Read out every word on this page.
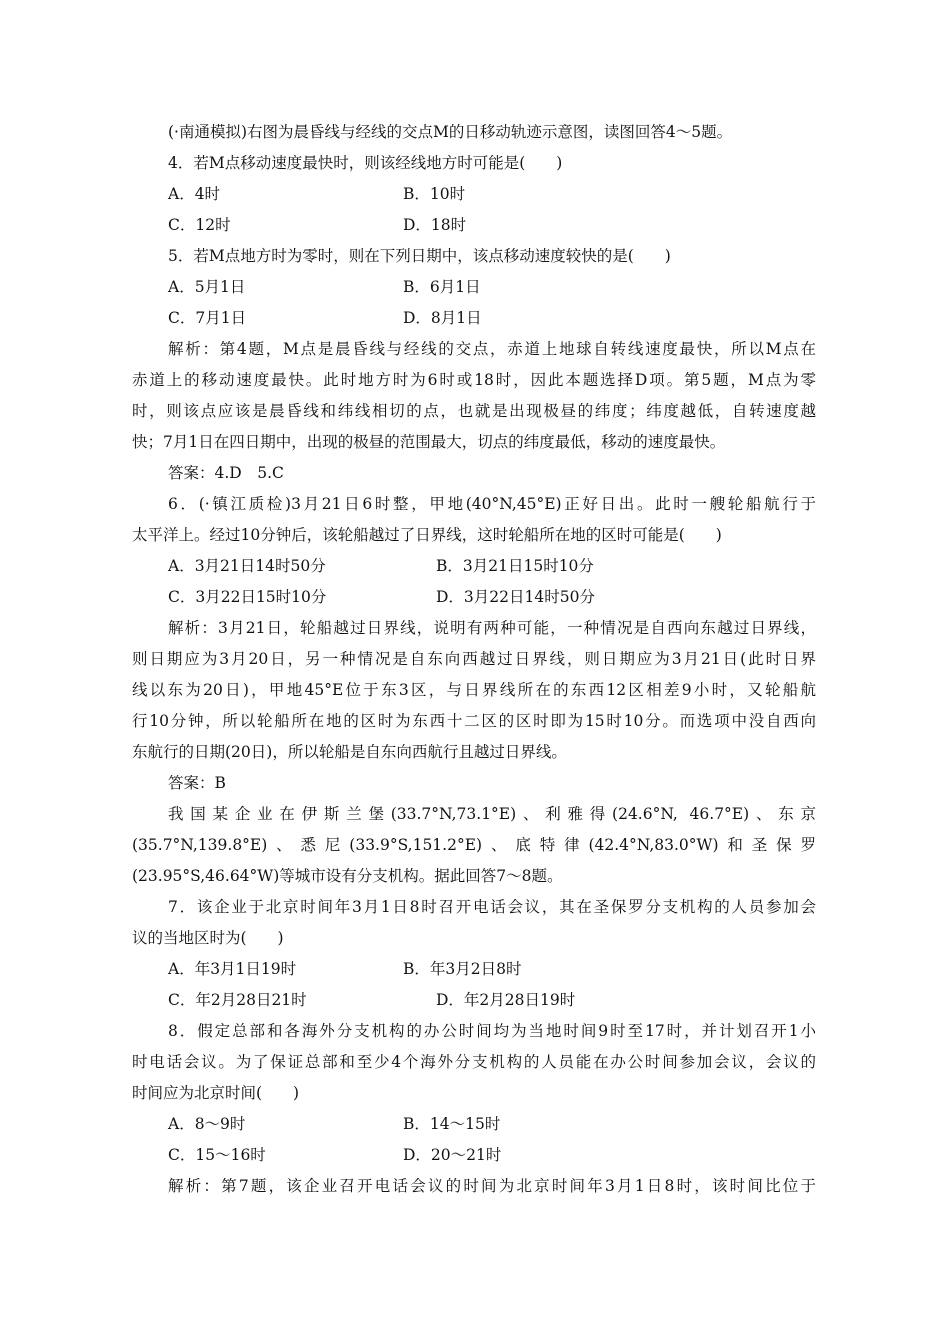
(·南通模拟)右图为晨昏线与经线的交点M的日移动轨迹示意图，读图回答4～5题。
4．若M点移动速度最快时，则该经线地方时可能是(　　)
A．4时	B．10时
C．12时	D．18时
5．若M点地方时为零时，则在下列日期中，该点移动速度较快的是(　　)
A．5月1日	B．6月1日
C．7月1日	D．8月1日
解析：第4题，M点是晨昏线与经线的交点，赤道上地球自转线速度最快，所以M点在
赤道上的移动速度最快。此时地方时为6时或18时，因此本题选择D项。第5题，M点为零
时，则该点应该是晨昏线和纬线相切的点，也就是出现极昼的纬度；纬度越低，自转速度越
快；7月1日在四日期中，出现的极昼的范围最大，切点的纬度最低，移动的速度最快。
答案：4.D　5.C
6．(·镇江质检)3月21日6时整，甲地(40°N,45°E)正好日出。此时一艘轮船航行于
太平洋上。经过10分钟后，该轮船越过了日界线，这时轮船所在地的区时可能是(　　)
A．3月21日14时50分	B．3月21日15时10分
C．3月22日15时10分	D．3月22日14时50分
解析：3月21日，轮船越过日界线，说明有两种可能，一种情况是自西向东越过日界线，
则日期应为3月20日，另一种情况是自东向西越过日界线，则日期应为3月21日(此时日界
线以东为20日)，甲地45°E位于东3区，与日界线所在的东西12区相差9小时，又轮船航
行10分钟，所以轮船所在地的区时为东西十二区的区时即为15时10分。而选项中没自西向
东航行的日期(20日)，所以轮船是自东向西航行且越过日界线。
答案：B
我国某企业在伊斯兰堡(33.7°N,73.1°E)、利雅得(24.6°N, 46.7°E)、东京
(35.7°N,139.8°E)、悉尼(33.9°S,151.2°E)、底特律(42.4°N,83.0°W)和圣保罗
(23.95°S,46.64°W)等城市设有分支机构。据此回答7～8题。
7．该企业于北京时间年3月1日8时召开电话会议，其在圣保罗分支机构的人员参加会
议的当地区时为(　　)
A．年3月1日19时	B．年3月2日8时
C．年2月28日21时	D．年2月28日19时
8．假定总部和各海外分支机构的办公时间均为当地时间9时至17时，并计划召开1小
时电话会议。为了保证总部和至少4个海外分支机构的人员能在办公时间参加会议，会议的
时间应为北京时间(　　)
A．8～9时	B．14～15时
C．15～16时	D．20～21时
解析：第7题，该企业召开电话会议的时间为北京时间年3月1日8时，该时间比位于
